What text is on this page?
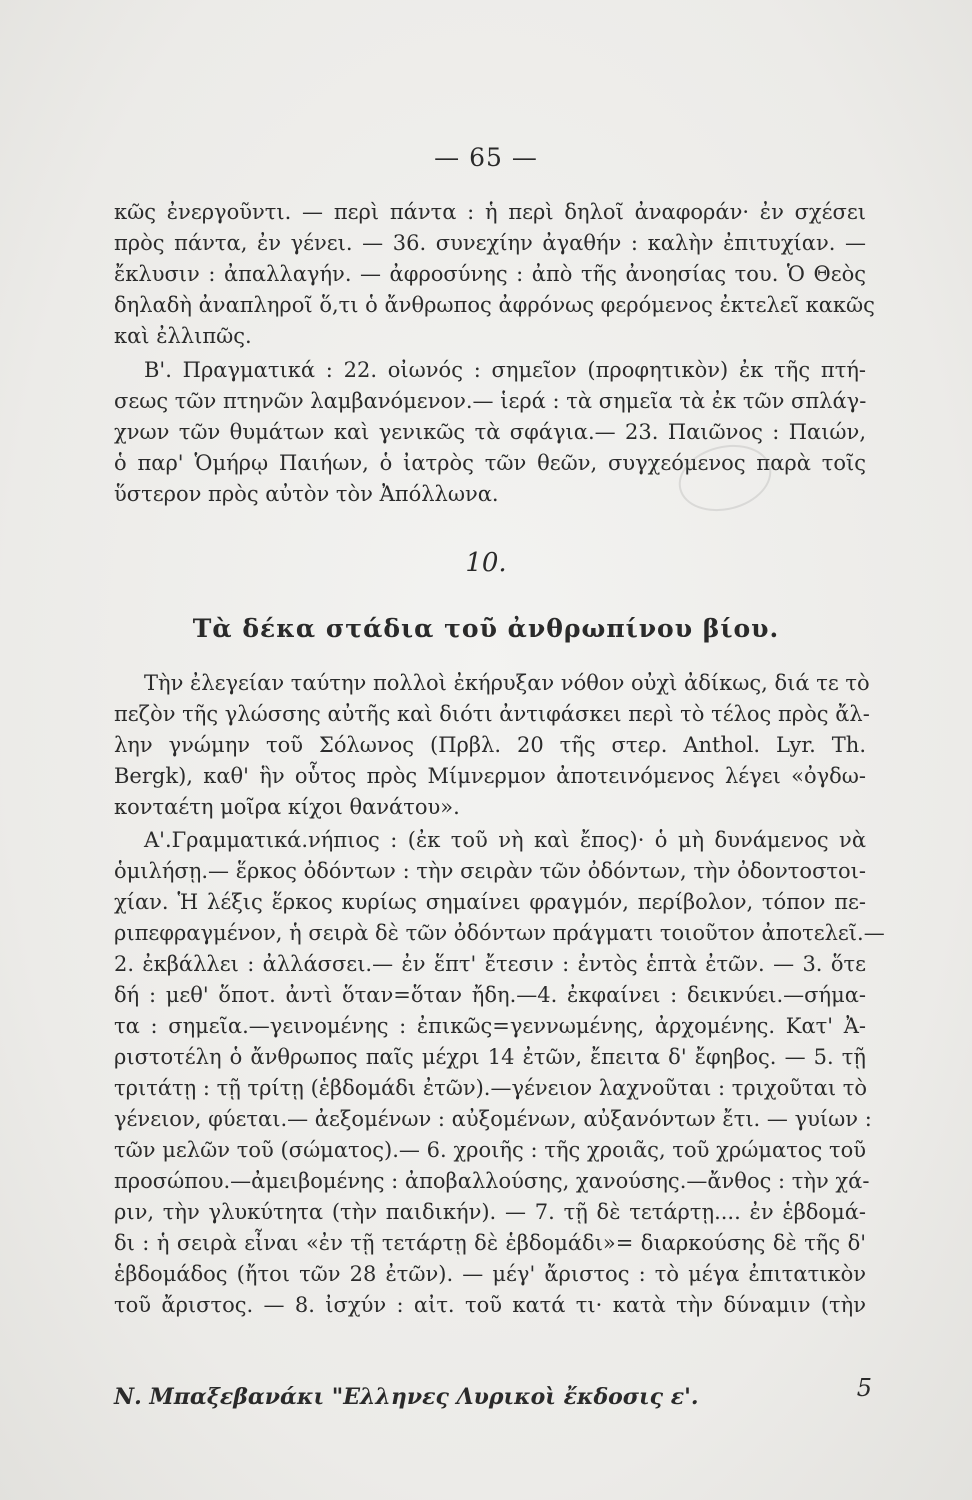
— 65 —
κῶς ἐνεργοῦντι. — περὶ πάντα : ἡ περὶ δηλοῖ ἀναφοράν· ἐν σχέσει
πρὸς πάντα, ἐν γένει. — 36. συνεχίην ἀγαθήν : καλὴν ἐπιτυχίαν. —
ἔκλυσιν : ἀπαλλαγήν. — ἀφροσύνης : ἀπὸ τῆς ἀνοησίας του. Ὁ Θεὸς
δηλαδὴ ἀναπληροῖ ὅ,τι ὁ ἄνθρωπος ἀφρόνως φερόμενος ἐκτελεῖ κακῶς
καὶ ἐλλιπῶς.
Β'. Πραγματικά : 22. οἰωνός : σημεῖον (προφητικὸν) ἐκ τῆς πτή-
σεως τῶν πτηνῶν λαμβανόμενον.— ἱερά : τὰ σημεῖα τὰ ἐκ τῶν σπλάγ-
χνων τῶν θυμάτων καὶ γενικῶς τὰ σφάγια.— 23. Παιῶνος : Παιών,
ὁ παρ' Ὁμήρῳ Παιήων, ὁ ἰατρὸς τῶν θεῶν, συγχεόμενος παρὰ τοῖς
ὕστερον πρὸς αὐτὸν τὸν Ἀπόλλωνα.
10.
Τὰ δέκα στάδια τοῦ ἀνθρωπίνου βίου.
Τὴν ἐλεγείαν ταύτην πολλοὶ ἐκήρυξαν νόθον οὐχὶ ἀδίκως, διά τε τὸ
πεζὸν τῆς γλώσσης αὐτῆς καὶ διότι ἀντιφάσκει περὶ τὸ τέλος πρὸς ἄλ-
λην γνώμην τοῦ Σόλωνος (Πρβλ. 20 τῆς στερ. Anthol. Lyr. Th.
Bergk), καθ' ἣν οὗτος πρὸς Μίμνερμον ἀποτεινόμενος λέγει «ὀγδω-
κονταέτη μοῖρα κίχοι θανάτου».
Α'.Γραμματικά.νήπιος : (ἐκ τοῦ νὴ καὶ ἔπος)· ὁ μὴ δυνάμενος νὰ
ὁμιλήσῃ.— ἕρκος ὀδόντων : τὴν σειρὰν τῶν ὀδόντων, τὴν ὀδοντοστοι-
χίαν. Ἡ λέξις ἕρκος κυρίως σημαίνει φραγμόν, περίβολον, τόπον πε-
ριπεφραγμένον, ἡ σειρὰ δὲ τῶν ὀδόντων πράγματι τοιοῦτον ἀποτελεῖ.—
2. ἐκβάλλει : ἀλλάσσει.— ἐν ἕπτ' ἔτεσιν : ἐντὸς ἑπτὰ ἐτῶν. — 3. ὅτε
δή : μεθ' ὅποτ. ἀντὶ ὅταν=ὅταν ἤδη.—4. ἐκφαίνει : δεικνύει.—σήμα-
τα : σημεῖα.—γεινομένης : ἐπικῶς=γεννωμένης, ἀρχομένης. Κατ' Ἀ-
ριστοτέλη ὁ ἄνθρωπος παῖς μέχρι 14 ἐτῶν, ἔπειτα δ' ἔφηβος. — 5. τῇ
τριτάτῃ : τῇ τρίτῃ (ἑβδομάδι ἐτῶν).—γένειον λαχνοῦται : τριχοῦται τὸ
γένειον, φύεται.— ἀεξομένων : αὐξομένων, αὐξανόντων ἔτι. — γυίων :
τῶν μελῶν τοῦ (σώματος).— 6. χροιῆς : τῆς χροιᾶς, τοῦ χρώματος τοῦ
προσώπου.—ἀμειβομένης : ἀποβαλλούσης, χανούσης.—ἄνθος : τὴν χά-
ριν, τὴν γλυκύτητα (τὴν παιδικήν). — 7. τῇ δὲ τετάρτῃ.... ἐν ἑβδομά-
δι : ἡ σειρὰ εἶναι «ἐν τῇ τετάρτῃ δὲ ἑβδομάδι»= διαρκούσης δὲ τῆς δ'
ἑβδομάδος (ἤτοι τῶν 28 ἐτῶν). — μέγ' ἄριστος : τὸ μέγα ἐπιτατικὸν
τοῦ ἄριστος. — 8. ἰσχύν : αἰτ. τοῦ κατά τι· κατὰ τὴν δύναμιν (τὴν
Ν. Μπαξεβανάκι "Ελληνες Λυρικοὶ ἔκδοσις ε'.	5
